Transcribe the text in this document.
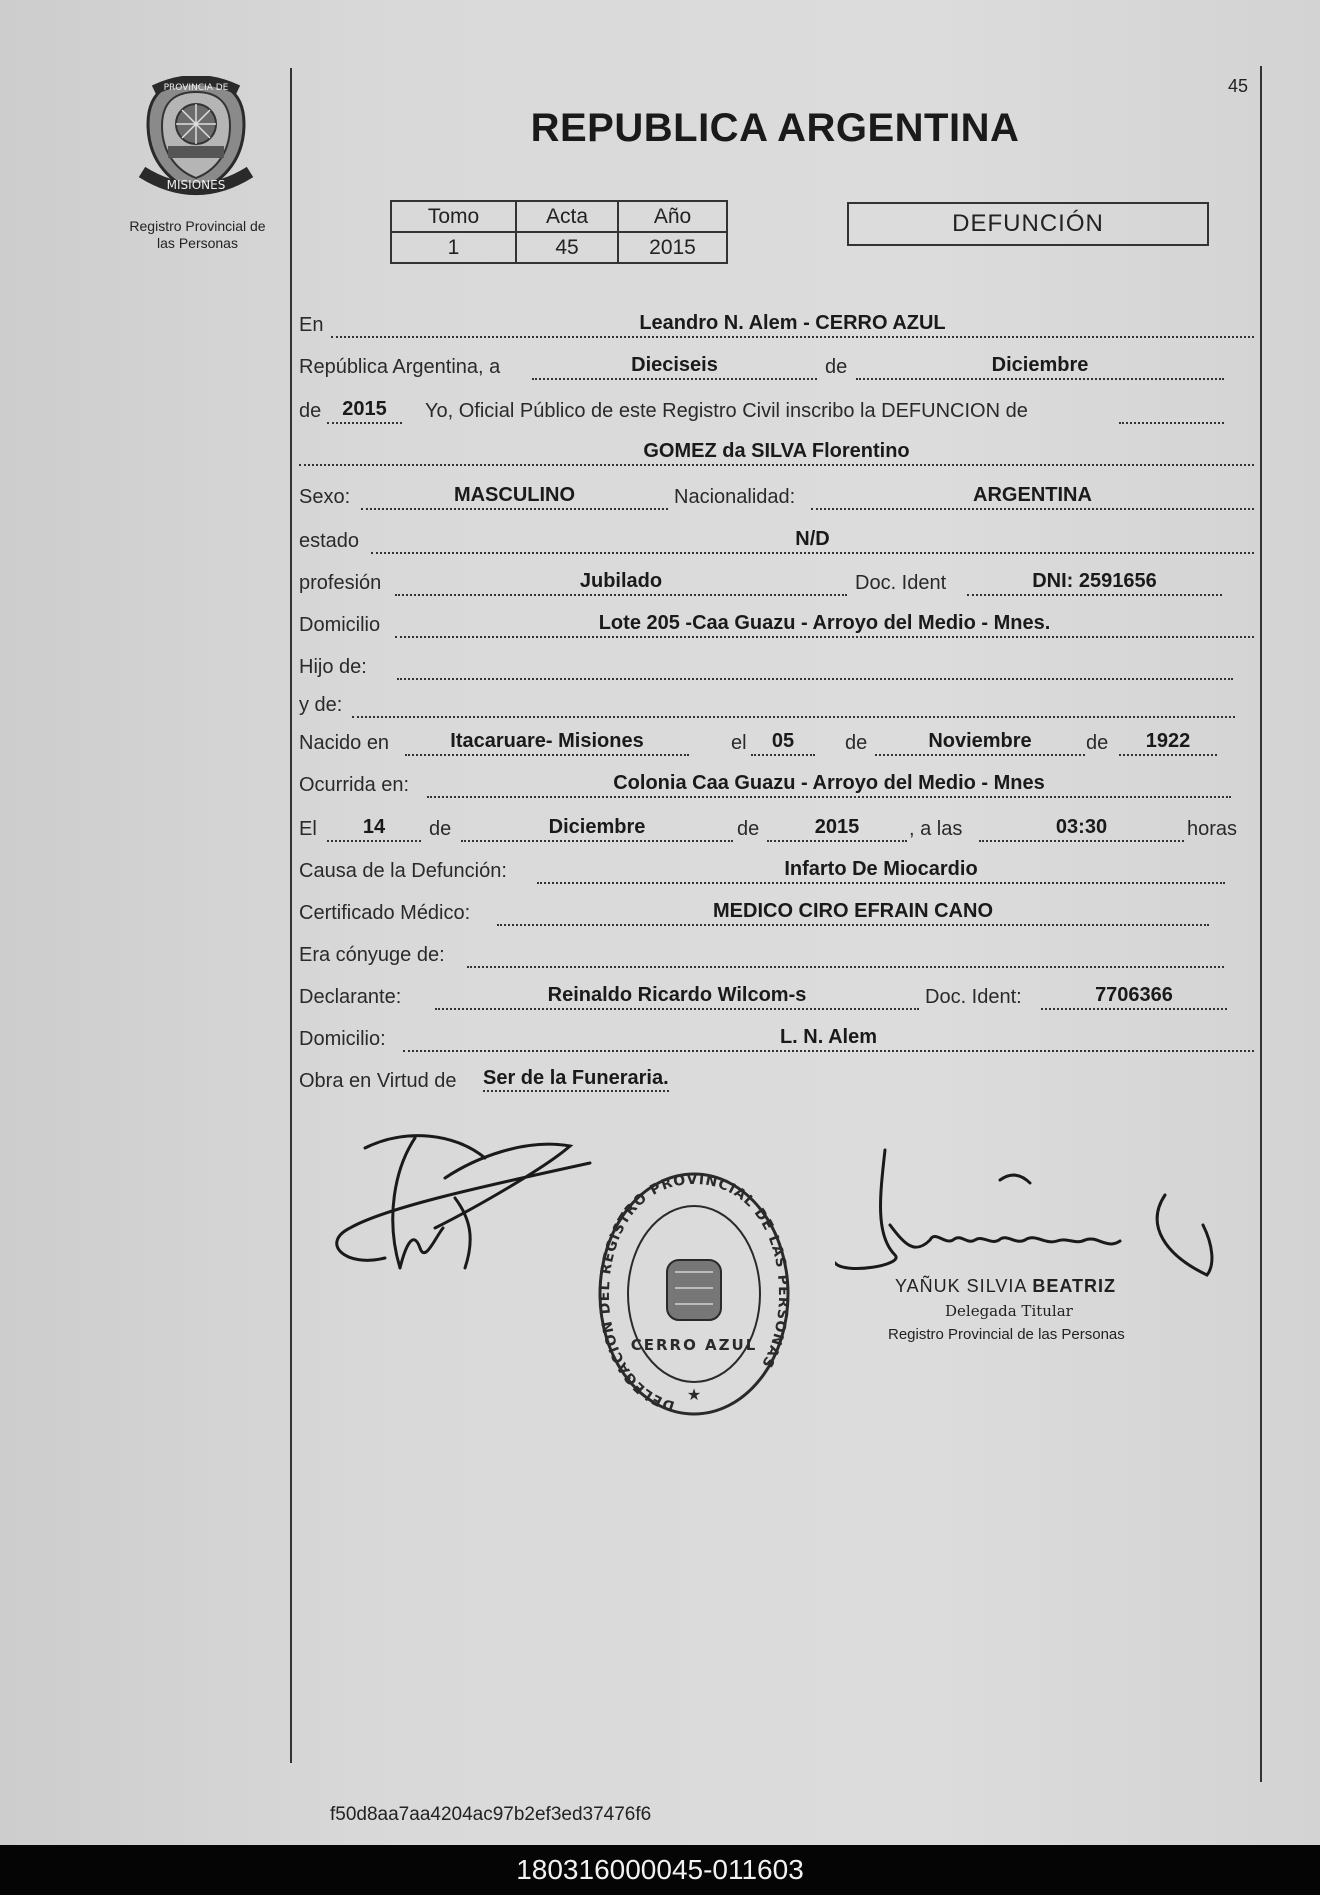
PROVINCIA DE
MISIONES
Registro Provincial de
las Personas
45
REPUBLICA ARGENTINA
Tomo	Acta	Año
1	45	2015
DEFUNCIÓN
En	Leandro N. Alem - CERRO AZUL
República Argentina, a	Dieciseis	de	Diciembre
de	2015	Yo, Oficial Público de este Registro Civil inscribo la DEFUNCION de
GOMEZ da SILVA Florentino
Sexo:	MASCULINO	Nacionalidad:	ARGENTINA
estado	N/D
profesión	Jubilado	Doc. Ident	DNI: 2591656
Domicilio	Lote 205 -Caa Guazu - Arroyo del Medio - Mnes.
Hijo de:
y de:
Nacido en	Itacaruare- Misiones	el	05	de	Noviembre	de	1922
Ocurrida en:	Colonia Caa Guazu - Arroyo del Medio - Mnes
El	14	de	Diciembre	de	2015	, a las	03:30	horas
Causa de la Defunción:	Infarto De Miocardio
Certificado Médico:	MEDICO CIRO EFRAIN CANO
Era cónyuge de:
Declarante:	Reinaldo Ricardo Wilcom-s	Doc. Ident:	7706366
Domicilio:	L. N. Alem
Obra en Virtud de Ser de la Funeraria.
DELEGACION DEL REGISTRO PROVINCIAL DE LAS PERSONAS
CERRO AZUL
★
YAÑUK SILVIA BEATRIZ
Delegada Titular
Registro Provincial de las Personas
f50d8aa7aa4204ac97b2ef3ed37476f6
180316000045-011603
